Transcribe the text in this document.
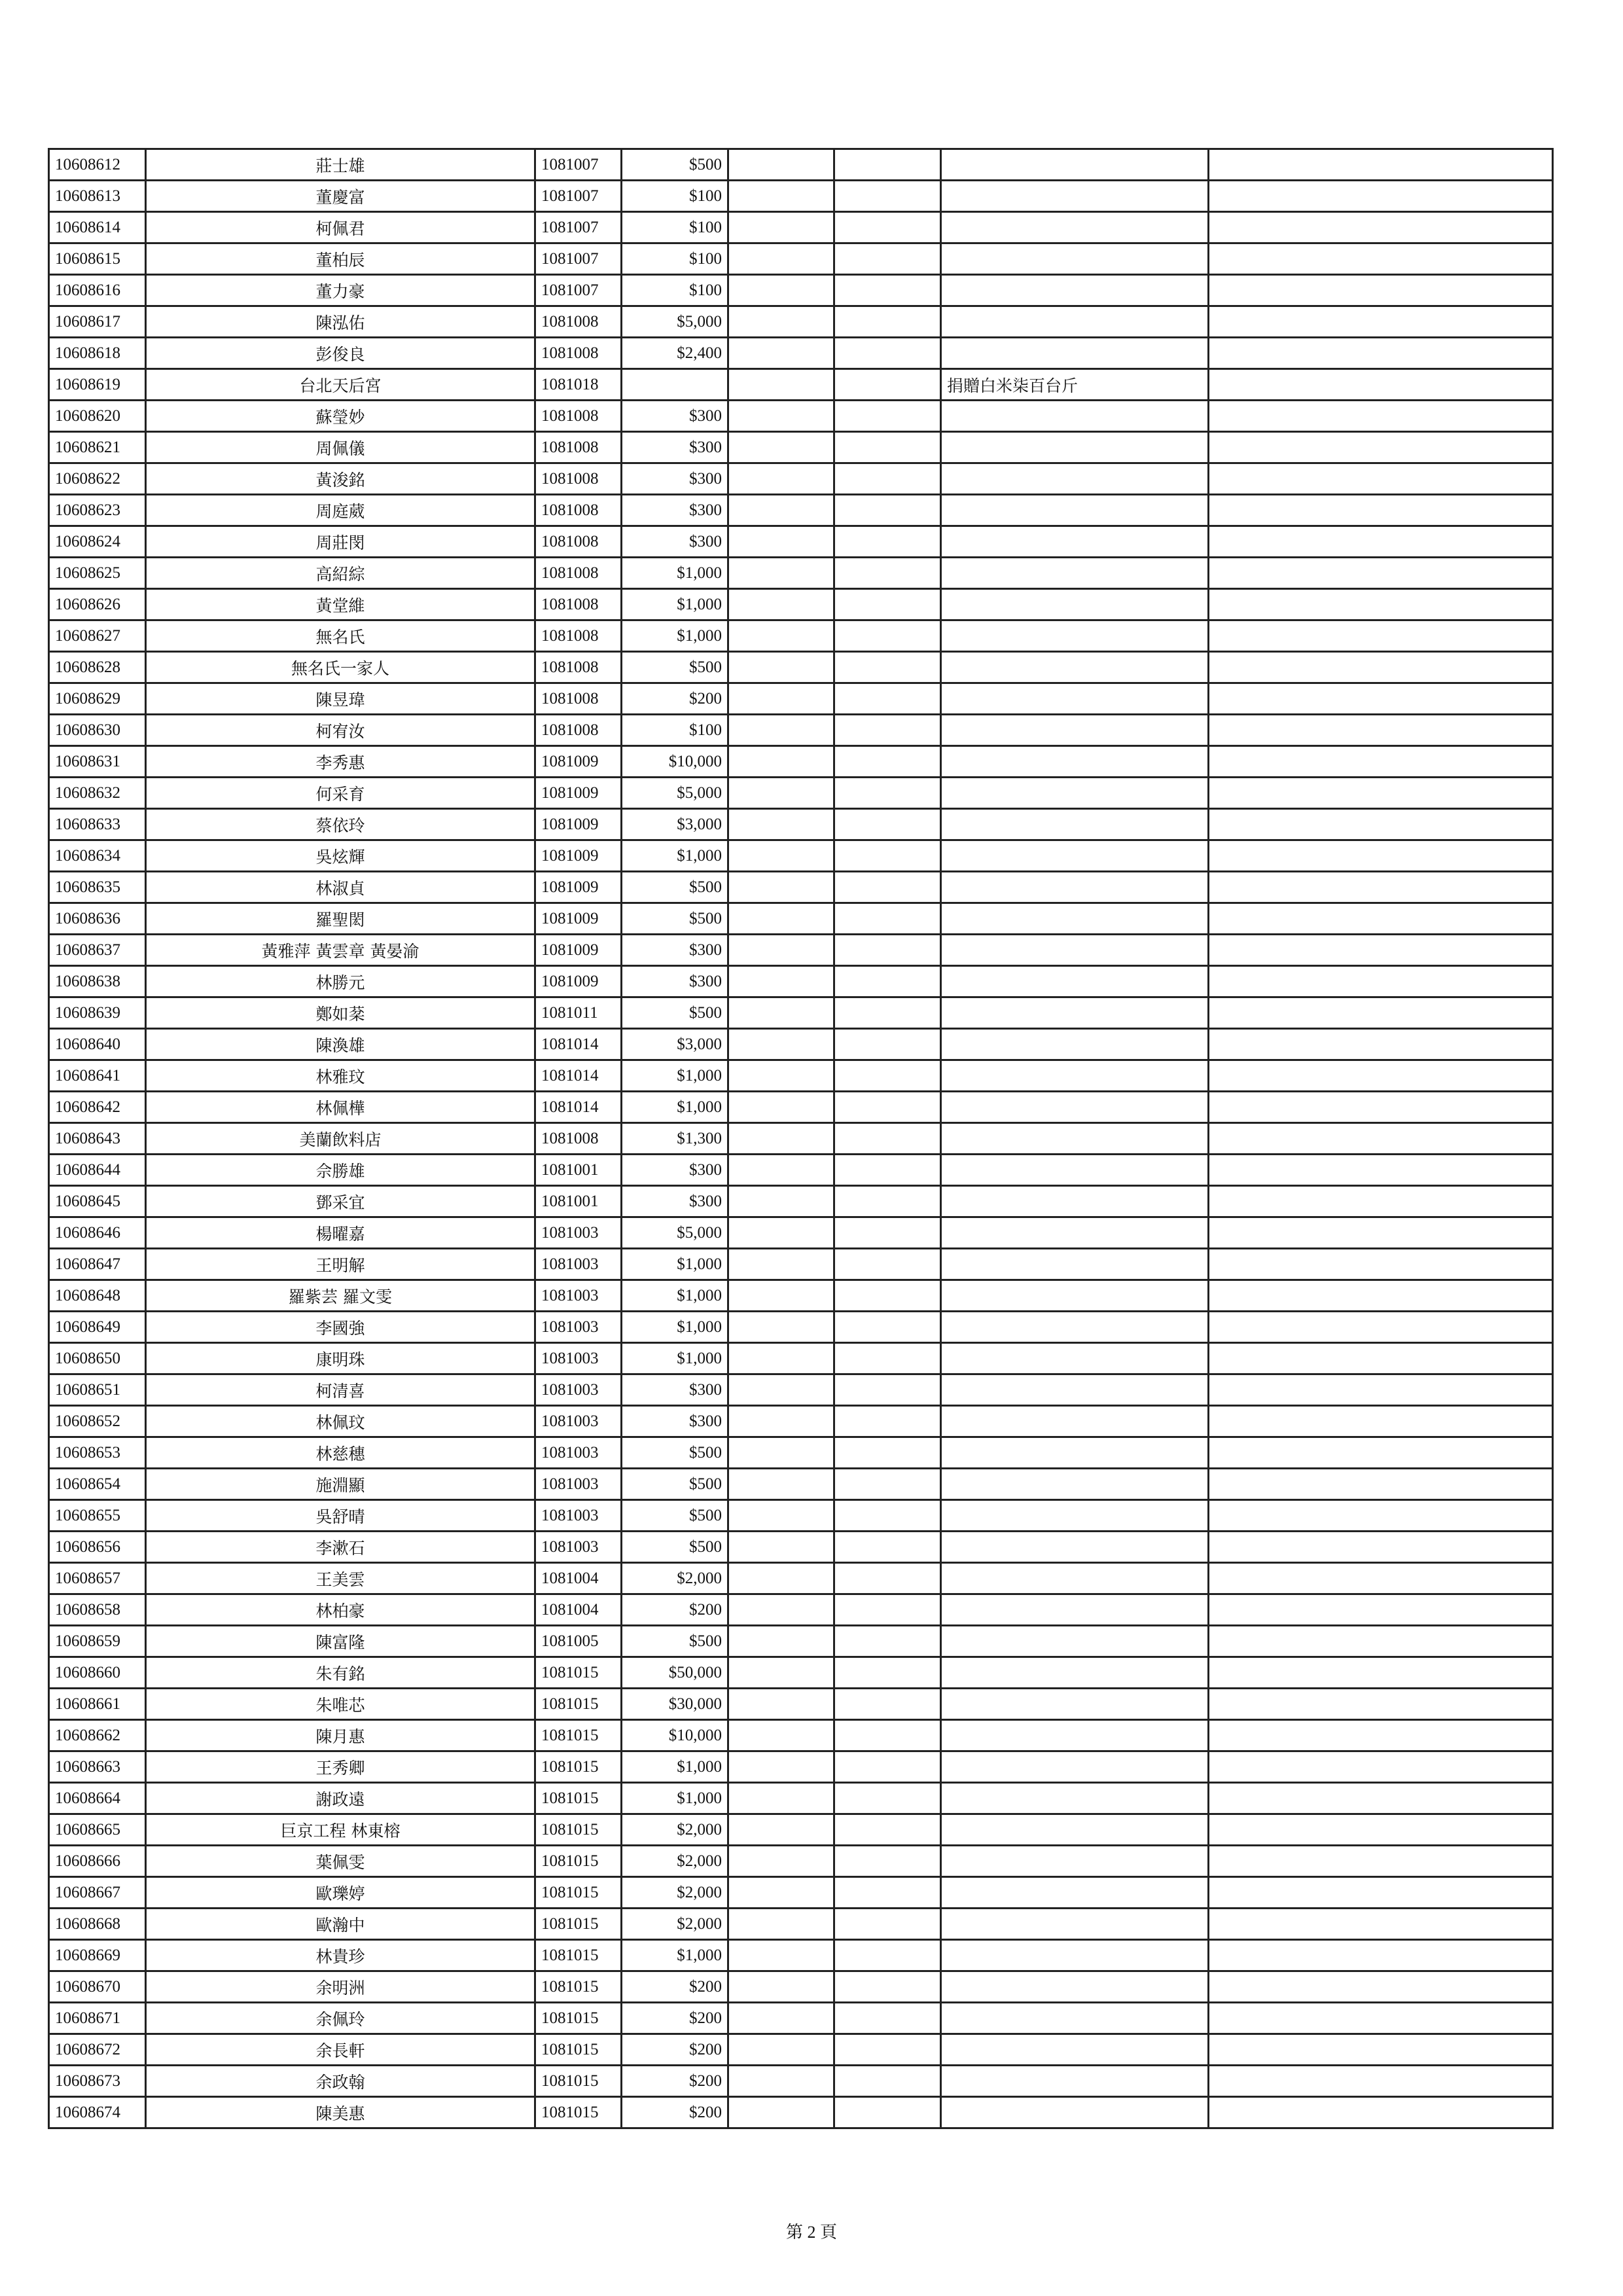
10608612	莊士雄	1081007	$500				
10608613	董慶富	1081007	$100				
10608614	柯佩君	1081007	$100				
10608615	董柏辰	1081007	$100				
10608616	董力豪	1081007	$100				
10608617	陳泓佑	1081008	$5,000				
10608618	彭俊良	1081008	$2,400				
10608619	台北天后宮	1081018				捐贈白米柒百台斤	
10608620	蘇瑩妙	1081008	$300				
10608621	周佩儀	1081008	$300				
10608622	黃浚銘	1081008	$300				
10608623	周庭葳	1081008	$300				
10608624	周莊閔	1081008	$300				
10608625	高紹綜	1081008	$1,000				
10608626	黃堂維	1081008	$1,000				
10608627	無名氏	1081008	$1,000				
10608628	無名氏一家人	1081008	$500				
10608629	陳昱瑋	1081008	$200				
10608630	柯宥汝	1081008	$100				
10608631	李秀惠	1081009	$10,000				
10608632	何采育	1081009	$5,000				
10608633	蔡依玲	1081009	$3,000				
10608634	吳炫輝	1081009	$1,000				
10608635	林淑貞	1081009	$500				
10608636	羅聖閎	1081009	$500				
10608637	黃雅萍 黃雲章 黃晏渝	1081009	$300				
10608638	林勝元	1081009	$300				
10608639	鄭如棻	1081011	$500				
10608640	陳渙雄	1081014	$3,000				
10608641	林雅玟	1081014	$1,000				
10608642	林佩樺	1081014	$1,000				
10608643	美蘭飲料店	1081008	$1,300				
10608644	佘勝雄	1081001	$300				
10608645	鄧采宜	1081001	$300				
10608646	楊曜嘉	1081003	$5,000				
10608647	王明解	1081003	$1,000				
10608648	羅紫芸 羅文雯	1081003	$1,000				
10608649	李國強	1081003	$1,000				
10608650	康明珠	1081003	$1,000				
10608651	柯清喜	1081003	$300				
10608652	林佩玟	1081003	$300				
10608653	林慈穗	1081003	$500				
10608654	施淵顯	1081003	$500				
10608655	吳舒晴	1081003	$500				
10608656	李漱石	1081003	$500				
10608657	王美雲	1081004	$2,000				
10608658	林柏豪	1081004	$200				
10608659	陳富隆	1081005	$500				
10608660	朱有銘	1081015	$50,000				
10608661	朱唯芯	1081015	$30,000				
10608662	陳月惠	1081015	$10,000				
10608663	王秀卿	1081015	$1,000				
10608664	謝政遠	1081015	$1,000				
10608665	巨京工程 林東榕	1081015	$2,000				
10608666	葉佩雯	1081015	$2,000				
10608667	歐瓅婷	1081015	$2,000				
10608668	歐瀚中	1081015	$2,000				
10608669	林貴珍	1081015	$1,000				
10608670	余明洲	1081015	$200				
10608671	余佩玲	1081015	$200				
10608672	余長軒	1081015	$200				
10608673	余政翰	1081015	$200				
10608674	陳美惠	1081015	$200				
第 2 頁
